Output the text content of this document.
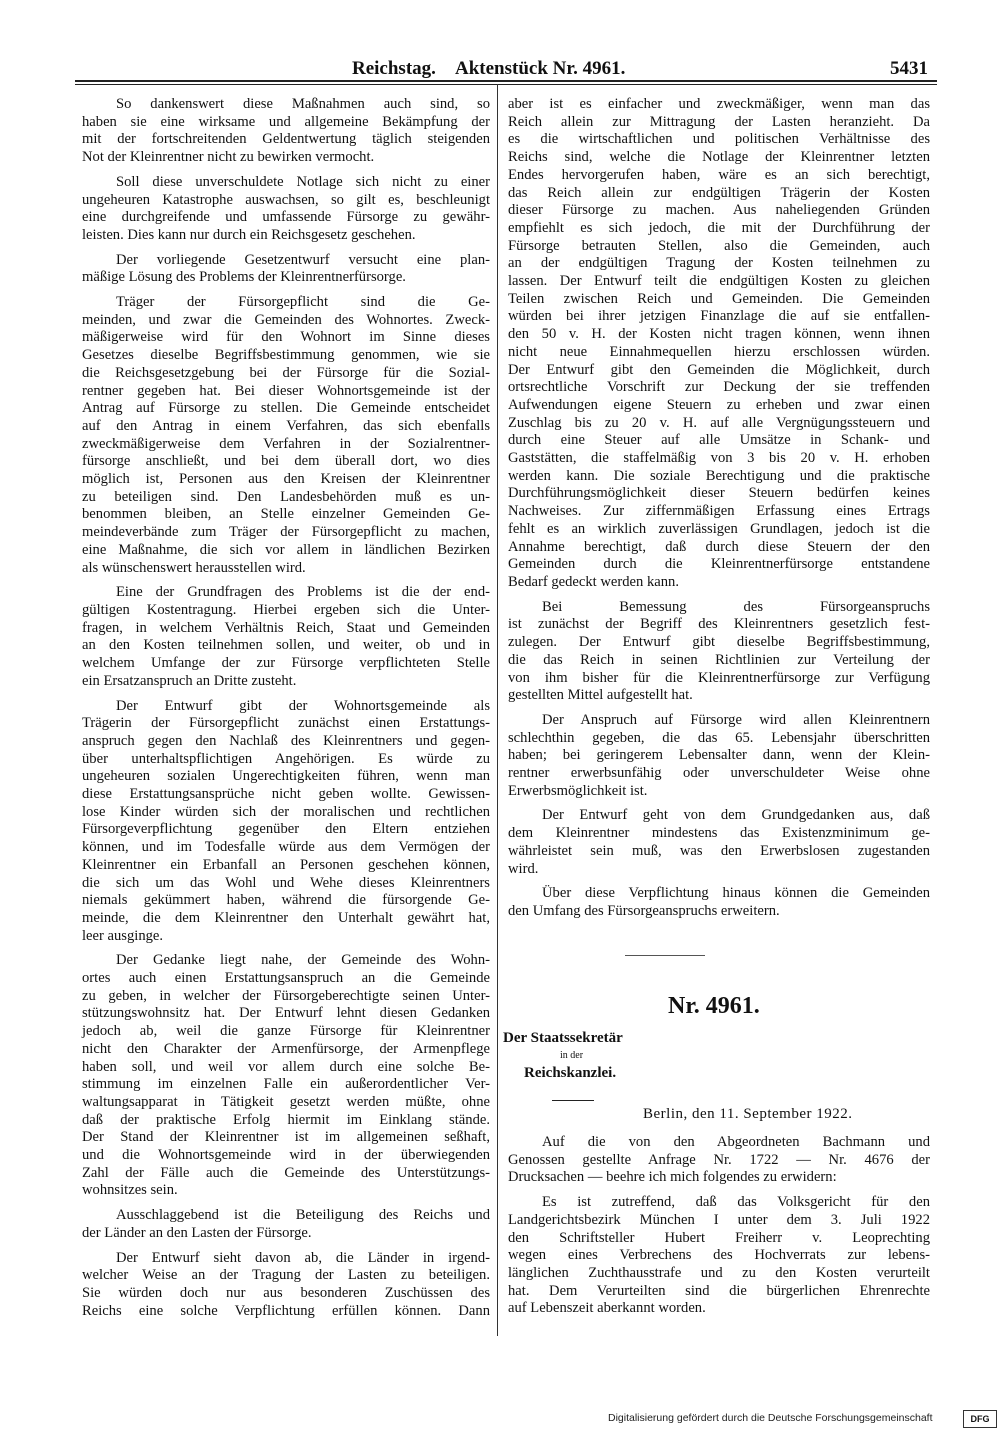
Reichstag. Aktenstück Nr. 4961.	5431
So dankenswert diese Maßnahmen auch sind, so
haben sie eine wirksame und allgemeine Bekämpfung der
mit der fortschreitenden Geldentwertung täglich steigenden
Not der Kleinrentner nicht zu bewirken vermocht.
Soll diese unverschuldete Notlage sich nicht zu einer
ungeheuren Katastrophe auswachsen, so gilt es, beschleunigt
eine durchgreifende und umfassende Fürsorge zu gewähr-
leisten. Dies kann nur durch ein Reichsgesetz geschehen.
Der vorliegende Gesetzentwurf versucht eine plan-
mäßige Lösung des Problems der Kleinrentnerfürsorge.
Träger der Fürsorgepflicht sind die Ge-
meinden, und zwar die Gemeinden des Wohnortes. Zweck-
mäßigerweise wird für den Wohnort im Sinne dieses
Gesetzes dieselbe Begriffsbestimmung genommen, wie sie
die Reichsgesetzgebung bei der Fürsorge für die Sozial-
rentner gegeben hat. Bei dieser Wohnortsgemeinde ist der
Antrag auf Fürsorge zu stellen. Die Gemeinde entscheidet
auf den Antrag in einem Verfahren, das sich ebenfalls
zweckmäßigerweise dem Verfahren in der Sozialrentner-
fürsorge anschließt, und bei dem überall dort, wo dies
möglich ist, Personen aus den Kreisen der Kleinrentner
zu beteiligen sind. Den Landesbehörden muß es un-
benommen bleiben, an Stelle einzelner Gemeinden Ge-
meindeverbände zum Träger der Fürsorgepflicht zu machen,
eine Maßnahme, die sich vor allem in ländlichen Bezirken
als wünschenswert herausstellen wird.
Eine der Grundfragen des Problems ist die der end-
gültigen Kostentragung. Hierbei ergeben sich die Unter-
fragen, in welchem Verhältnis Reich, Staat und Gemeinden
an den Kosten teilnehmen sollen, und weiter, ob und in
welchem Umfange der zur Fürsorge verpflichteten Stelle
ein Ersatzanspruch an Dritte zusteht.
Der Entwurf gibt der Wohnortsgemeinde als
Trägerin der Fürsorgepflicht zunächst einen Erstattungs-
anspruch gegen den Nachlaß des Kleinrentners und gegen-
über unterhaltspflichtigen Angehörigen. Es würde zu
ungeheuren sozialen Ungerechtigkeiten führen, wenn man
diese Erstattungsansprüche nicht geben wollte. Gewissen-
lose Kinder würden sich der moralischen und rechtlichen
Fürsorgeverpflichtung gegenüber den Eltern entziehen
können, und im Todesfalle würde aus dem Vermögen der
Kleinrentner ein Erbanfall an Personen geschehen können,
die sich um das Wohl und Wehe dieses Kleinrentners
niemals gekümmert haben, während die fürsorgende Ge-
meinde, die dem Kleinrentner den Unterhalt gewährt hat,
leer ausginge.
Der Gedanke liegt nahe, der Gemeinde des Wohn-
ortes auch einen Erstattungsanspruch an die Gemeinde
zu geben, in welcher der Fürsorgeberechtigte seinen Unter-
stützungswohnsitz hat. Der Entwurf lehnt diesen Gedanken
jedoch ab, weil die ganze Fürsorge für Kleinrentner
nicht den Charakter der Armenfürsorge, der Armenpflege
haben soll, und weil vor allem durch eine solche Be-
stimmung im einzelnen Falle ein außerordentlicher Ver-
waltungsapparat in Tätigkeit gesetzt werden müßte, ohne
daß der praktische Erfolg hiermit im Einklang stände.
Der Stand der Kleinrentner ist im allgemeinen seßhaft,
und die Wohnortsgemeinde wird in der überwiegenden
Zahl der Fälle auch die Gemeinde des Unterstützungs-
wohnsitzes sein.
Ausschlaggebend ist die Beteiligung des Reichs und
der Länder an den Lasten der Fürsorge.
Der Entwurf sieht davon ab, die Länder in irgend-
welcher Weise an der Tragung der Lasten zu beteiligen.
Sie würden doch nur aus besonderen Zuschüssen des
Reichs eine solche Verpflichtung erfüllen können. Dann
aber ist es einfacher und zweckmäßiger, wenn man das
Reich allein zur Mittragung der Lasten heranzieht. Da
es die wirtschaftlichen und politischen Verhältnisse des
Reichs sind, welche die Notlage der Kleinrentner letzten
Endes hervorgerufen haben, wäre es an sich berechtigt,
das Reich allein zur endgültigen Trägerin der Kosten
dieser Fürsorge zu machen. Aus naheliegenden Gründen
empfiehlt es sich jedoch, die mit der Durchführung der
Fürsorge betrauten Stellen, also die Gemeinden, auch
an der endgültigen Tragung der Kosten teilnehmen zu
lassen. Der Entwurf teilt die endgültigen Kosten zu gleichen
Teilen zwischen Reich und Gemeinden. Die Gemeinden
würden bei ihrer jetzigen Finanzlage die auf sie entfallen-
den 50 v. H. der Kosten nicht tragen können, wenn ihnen
nicht neue Einnahmequellen hierzu erschlossen würden.
Der Entwurf gibt den Gemeinden die Möglichkeit, durch
ortsrechtliche Vorschrift zur Deckung der sie treffenden
Aufwendungen eigene Steuern zu erheben und zwar einen
Zuschlag bis zu 20 v. H. auf alle Vergnügungssteuern und
durch eine Steuer auf alle Umsätze in Schank- und
Gaststätten, die staffelmäßig von 3 bis 20 v. H. erhoben
werden kann. Die soziale Berechtigung und die praktische
Durchführungsmöglichkeit dieser Steuern bedürfen keines
Nachweises. Zur ziffernmäßigen Erfassung eines Ertrags
fehlt es an wirklich zuverlässigen Grundlagen, jedoch ist die
Annahme berechtigt, daß durch diese Steuern der den
Gemeinden durch die Kleinrentnerfürsorge entstandene
Bedarf gedeckt werden kann.
Bei Bemessung des Fürsorgeanspruchs
ist zunächst der Begriff des Kleinrentners gesetzlich fest-
zulegen. Der Entwurf gibt dieselbe Begriffsbestimmung,
die das Reich in seinen Richtlinien zur Verteilung der
von ihm bisher für die Kleinrentnerfürsorge zur Verfügung
gestellten Mittel aufgestellt hat.
Der Anspruch auf Fürsorge wird allen Kleinrentnern
schlechthin gegeben, die das 65. Lebensjahr überschritten
haben; bei geringerem Lebensalter dann, wenn der Klein-
rentner erwerbsunfähig oder unverschuldeter Weise ohne
Erwerbsmöglichkeit ist.
Der Entwurf geht von dem Grundgedanken aus, daß
dem Kleinrentner mindestens das Existenzminimum ge-
währleistet sein muß, was den Erwerbslosen zugestanden
wird.
Über diese Verpflichtung hinaus können die Gemeinden
den Umfang des Fürsorgeanspruchs erweitern.
Nr. 4961.
Der Staatssekretär
in der
Reichskanzlei.
Berlin, den 11. September 1922.
Auf die von den Abgeordneten Bachmann und
Genossen gestellte Anfrage Nr. 1722 — Nr. 4676 der
Drucksachen — beehre ich mich folgendes zu erwidern:
Es ist zutreffend, daß das Volksgericht für den
Landgerichtsbezirk München I unter dem 3. Juli 1922
den Schriftsteller Hubert Freiherr v. Leoprechting
wegen eines Verbrechens des Hochverrats zur lebens-
länglichen Zuchthausstrafe und zu den Kosten verurteilt
hat. Dem Verurteilten sind die bürgerlichen Ehrenrechte
auf Lebenszeit aberkannt worden.
Digitalisierung gefördert durch die Deutsche Forschungsgemeinschaft	DFG
